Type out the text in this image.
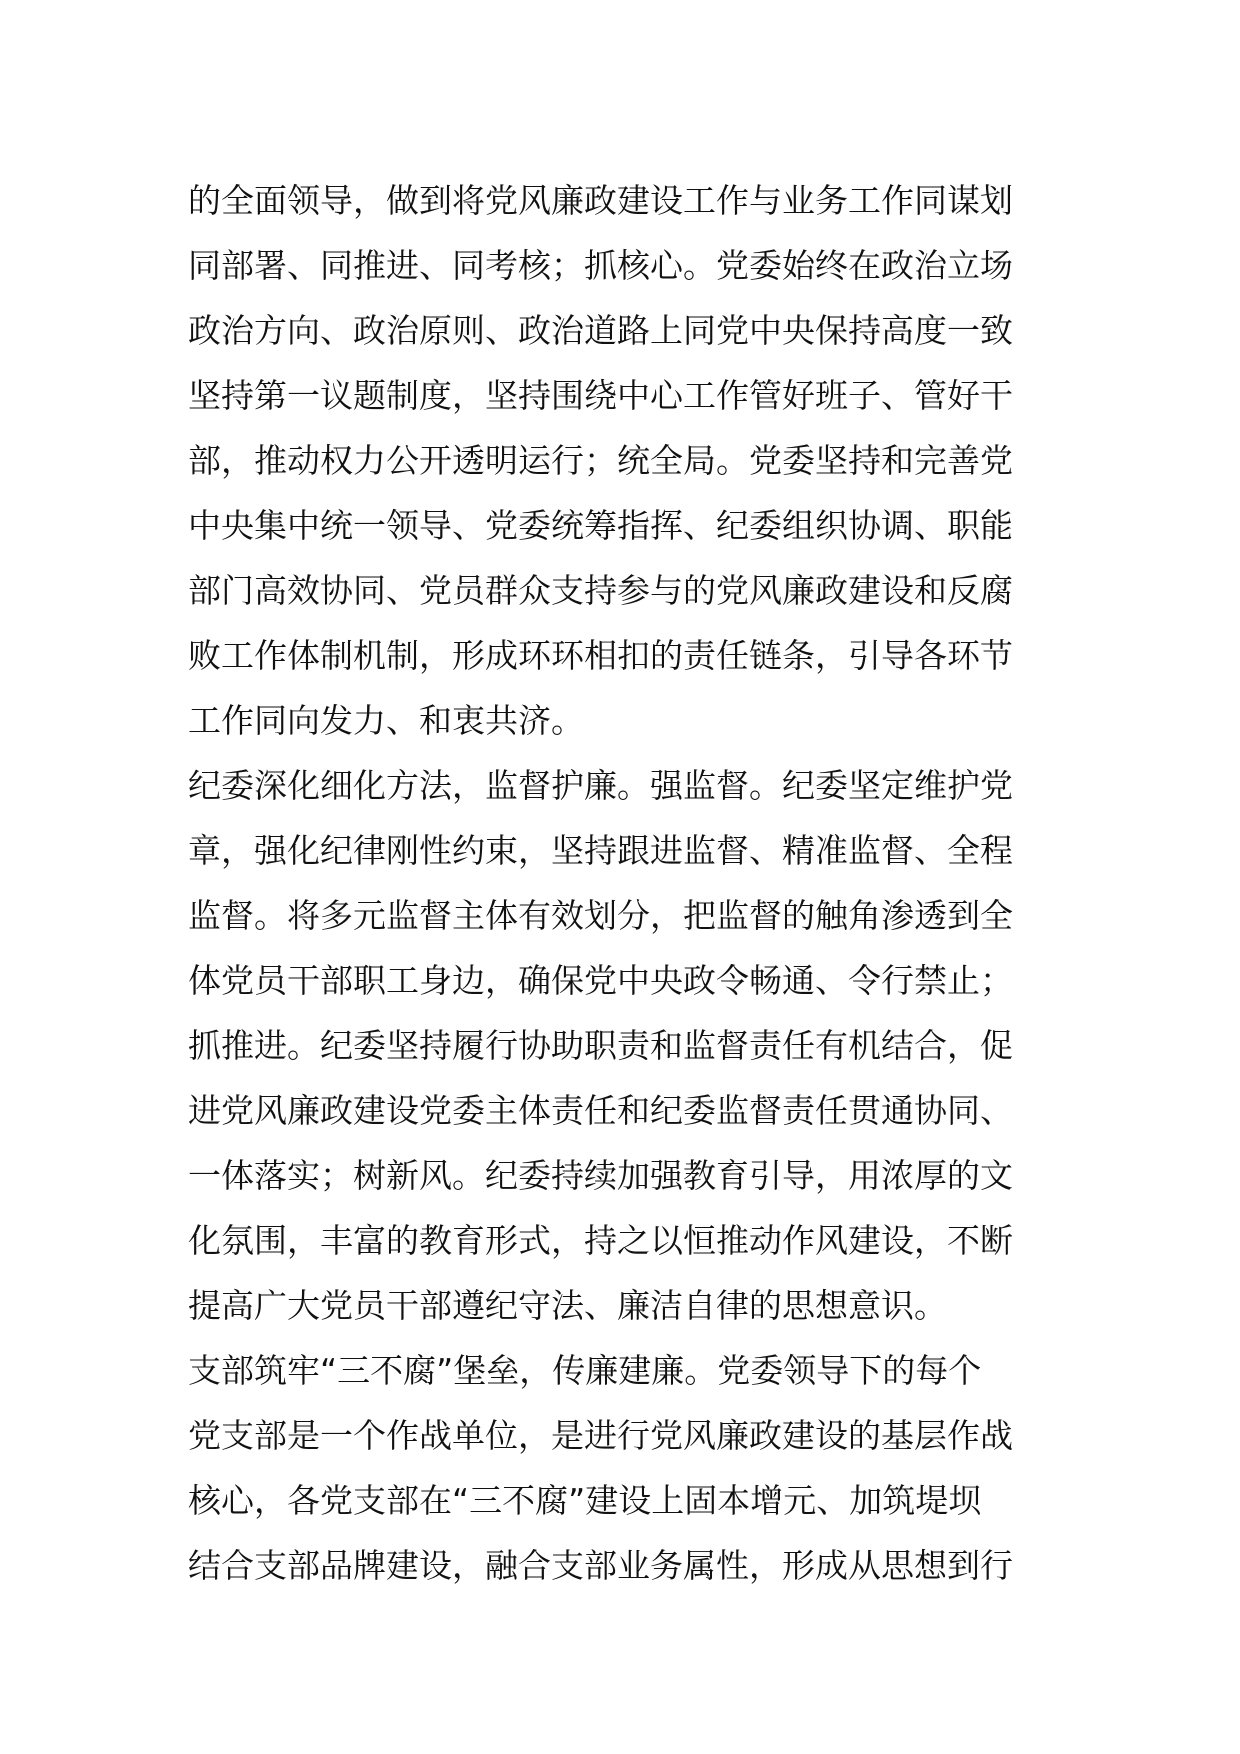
的全面领导，做到将党风廉政建设工作与业务工作同谋划
同部署、同推进、同考核；抓核心。党委始终在政治立场
政治方向、政治原则、政治道路上同党中央保持高度一致
坚持第一议题制度，坚持围绕中心工作管好班子、管好干
部，推动权力公开透明运行；统全局。党委坚持和完善党
中央集中统一领导、党委统筹指挥、纪委组织协调、职能
部门高效协同、党员群众支持参与的党风廉政建设和反腐
败工作体制机制，形成环环相扣的责任链条，引导各环节
工作同向发力、和衷共济。
纪委深化细化方法，监督护廉。强监督。纪委坚定维护党
章，强化纪律刚性约束，坚持跟进监督、精准监督、全程
监督。将多元监督主体有效划分，把监督的触角渗透到全
体党员干部职工身边，确保党中央政令畅通、令行禁止；
抓推进。纪委坚持履行协助职责和监督责任有机结合，促
进党风廉政建设党委主体责任和纪委监督责任贯通协同、
一体落实；树新风。纪委持续加强教育引导，用浓厚的文
化氛围，丰富的教育形式，持之以恒推动作风建设，不断
提高广大党员干部遵纪守法、廉洁自律的思想意识。
支部筑牢“三不腐”堡垒，传廉建廉。党委领导下的每个
党支部是一个作战单位，是进行党风廉政建设的基层作战
核心，各党支部在“三不腐”建设上固本增元、加筑堤坝
结合支部品牌建设，融合支部业务属性，形成从思想到行
